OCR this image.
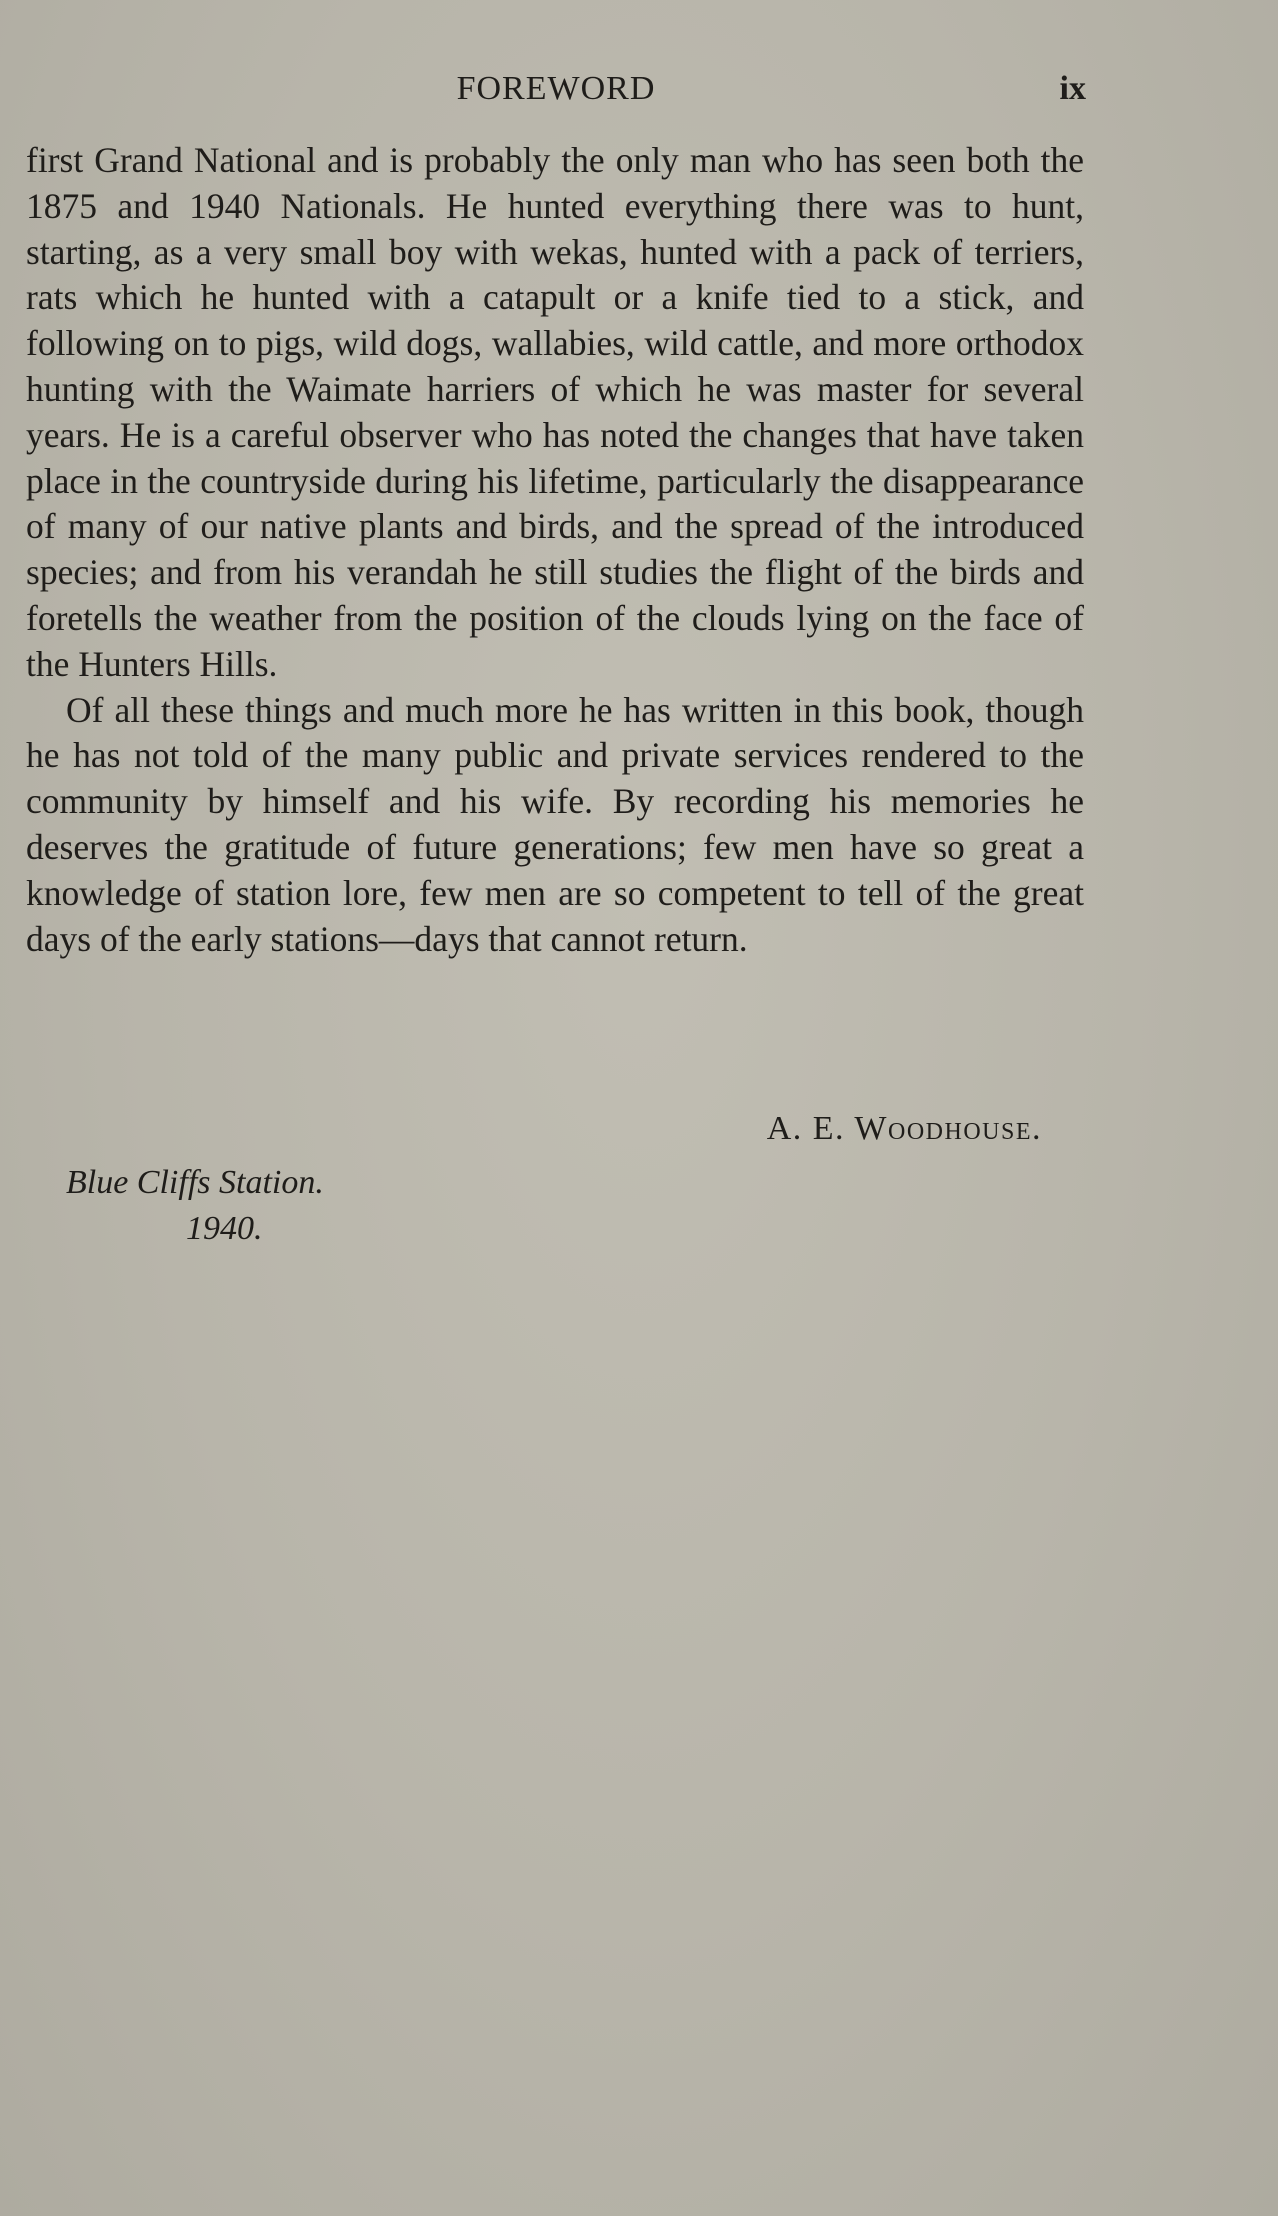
FOREWORD	ix

first Grand National and is probably the only man who has seen both the 1875 and 1940 Nationals. He hunted everything there was to hunt, starting, as a very small boy with wekas, hunted with a pack of terriers, rats which he hunted with a catapult or a knife tied to a stick, and following on to pigs, wild dogs, wallabies, wild cattle, and more orthodox hunting with the Waimate harriers of which he was master for several years. He is a careful observer who has noted the changes that have taken place in the countryside during his lifetime, particularly the disappearance of many of our native plants and birds, and the spread of the introduced species; and from his verandah he still studies the flight of the birds and foretells the weather from the position of the clouds lying on the face of the Hunters Hills.

Of all these things and much more he has written in this book, though he has not told of the many public and private services rendered to the community by himself and his wife. By recording his memories he deserves the gratitude of future generations; few men have so great a knowledge of station lore, few men are so competent to tell of the great days of the early stations—days that cannot return.

A. E. Woodhouse.
Blue Cliffs Station.
1940.
